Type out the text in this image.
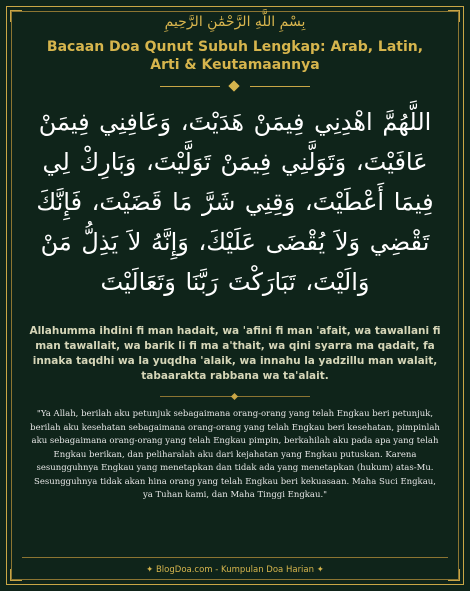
بِسْمِ اللَّهِ الرَّحْمَٰنِ الرَّحِيمِ
Bacaan Doa Qunut Subuh Lengkap: Arab, Latin, Arti & Keutamaannya
اللَّهُمَّ اهْدِنِي فِيمَنْ هَدَيْتَ، وَعَافِنِي فِيمَنْ عَافَيْتَ، وَتَوَلَّنِي فِيمَنْ تَوَلَّيْتَ، وَبَارِكْ لِي فِيمَا أَعْطَيْتَ، وَقِنِي شَرَّ مَا قَضَيْتَ، فَإِنَّكَ تَقْضِي وَلاَ يُقْضَى عَلَيْكَ، وَإِنَّهُ لاَ يَذِلُّ مَنْ وَالَيْتَ، تَبَارَكْتَ رَبَّنَا وَتَعَالَيْتَ
Allahumma ihdini fi man hadait, wa 'afini fi man 'afait, wa tawallani fi man tawallait, wa barik li fi ma a'thait, wa qini syarra ma qadait, fa innaka taqdhi wa la yuqdha 'alaik, wa innahu la yadzillu man walait, tabaarakta rabbana wa ta'alait.
"Ya Allah, berilah aku petunjuk sebagaimana orang-orang yang telah Engkau beri petunjuk, berilah aku kesehatan sebagaimana orang-orang yang telah Engkau beri kesehatan, pimpinlah aku sebagaimana orang-orang yang telah Engkau pimpin, berkahilah aku pada apa yang telah Engkau berikan, dan peliharalah aku dari kejahatan yang Engkau putuskan. Karena sesungguhnya Engkau yang menetapkan dan tidak ada yang menetapkan (hukum) atas-Mu. Sesungguhnya tidak akan hina orang yang telah Engkau beri kekuasaan. Maha Suci Engkau, ya Tuhan kami, dan Maha Tinggi Engkau."
✦ BlogDoa.com - Kumpulan Doa Harian ✦
